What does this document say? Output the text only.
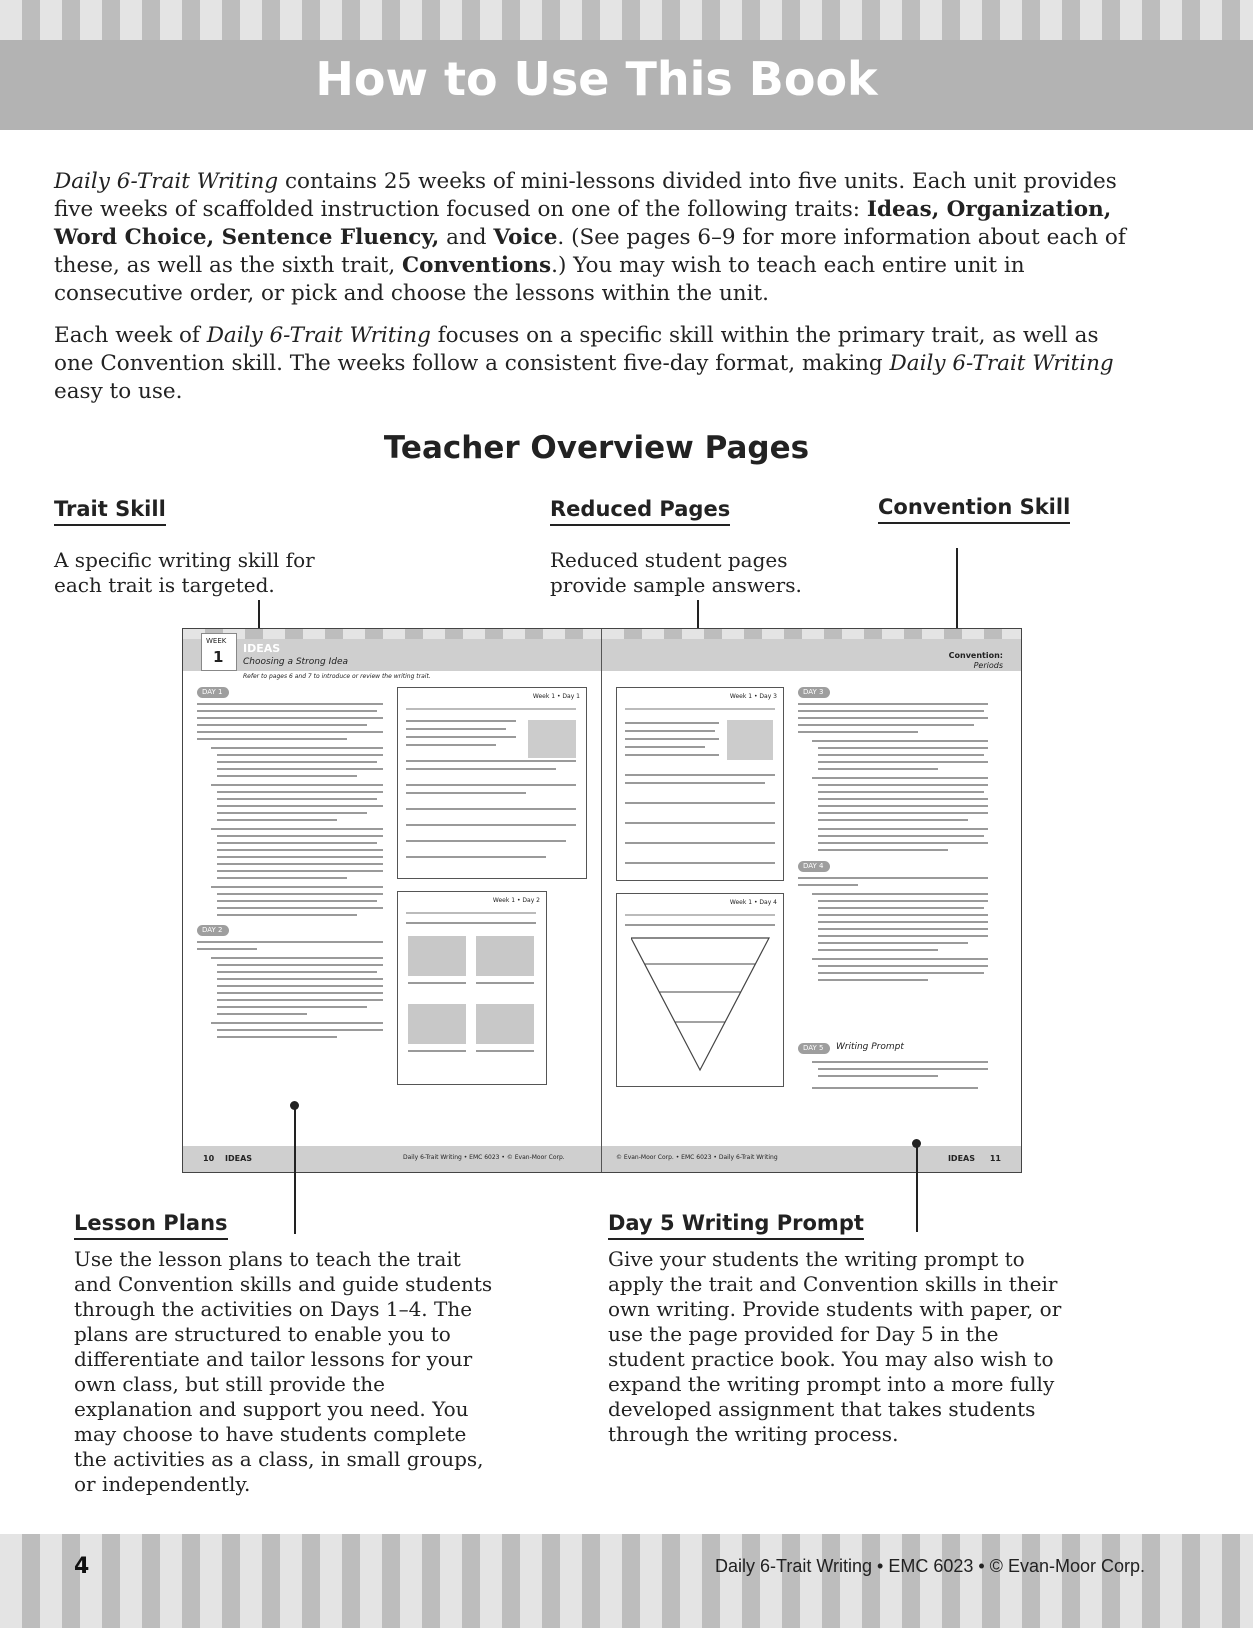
How to Use This Book
Daily 6-Trait Writing contains 25 weeks of mini-lessons divided into five units. Each unit provides five weeks of scaffolded instruction focused on one of the following traits: Ideas, Organization, Word Choice, Sentence Fluency, and Voice. (See pages 6–9 for more information about each of these, as well as the sixth trait, Conventions.) You may wish to teach each entire unit in consecutive order, or pick and choose the lessons within the unit.
Each week of Daily 6-Trait Writing focuses on a specific skill within the primary trait, as well as one Convention skill. The weeks follow a consistent five-day format, making Daily 6-Trait Writing easy to use.
Teacher Overview Pages
Trait Skill
A specific writing skill for each trait is targeted.
Reduced Pages
Reduced student pages provide sample answers.
Convention Skill
WEEK
1 IDEAS
Choosing a Strong Idea
Refer to pages 6 and 7 to introduce or review the writing trait.
DAY 1
DAY 2
Week 1 • Day 1
Week 1 • Day 2
10 IDEAS	Daily 6-Trait Writing • EMC 6023 • © Evan-Moor Corp.
Convention:
Periods
Week 1 • Day 3
Week 1 • Day 4
DAY 3
DAY 4
DAY 5 Writing Prompt
© Evan-Moor Corp. • EMC 6023 • Daily 6-Trait Writing	IDEAS 11
Lesson Plans
Use the lesson plans to teach the trait and Convention skills and guide students through the activities on Days 1–4. The plans are structured to enable you to differentiate and tailor lessons for your own class, but still provide the explanation and support you need. You may choose to have students complete the activities as a class, in small groups, or independently.
Day 5 Writing Prompt
Give your students the writing prompt to apply the trait and Convention skills in their own writing. Provide students with paper, or use the page provided for Day 5 in the student practice book. You may also wish to expand the writing prompt into a more fully developed assignment that takes students through the writing process.
4	Daily 6-Trait Writing • EMC 6023 • © Evan-Moor Corp.
